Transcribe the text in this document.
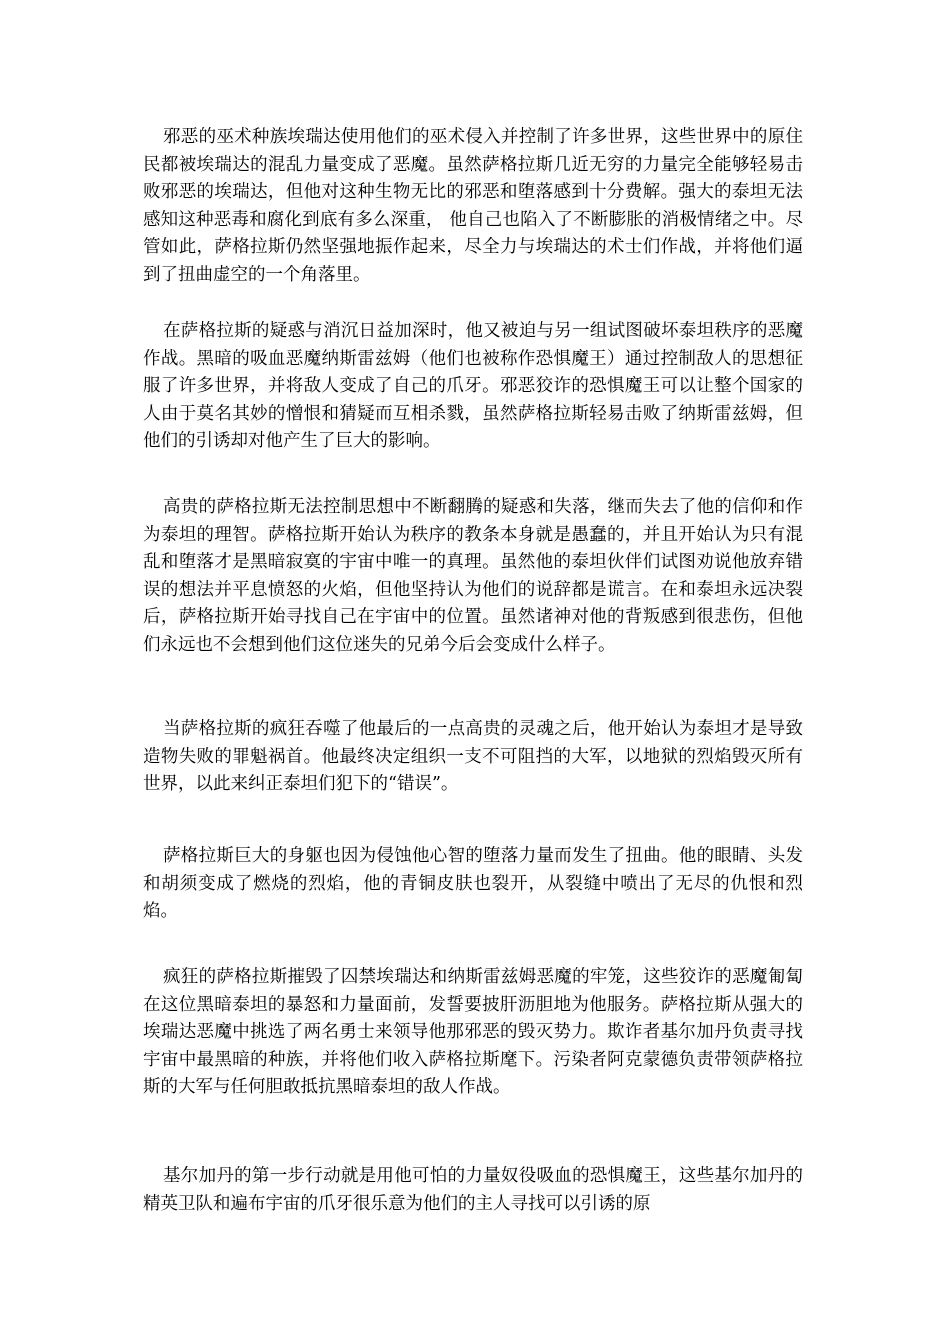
邪恶的巫术种族埃瑞达使用他们的巫术侵入并控制了许多世界，这些世界中的原住民都被埃瑞达的混乱力量变成了恶魔。虽然萨格拉斯几近无穷的力量完全能够轻易击败邪恶的埃瑞达，但他对这种生物无比的邪恶和堕落感到十分费解。强大的泰坦无法感知这种恶毒和腐化到底有多么深重， 他自己也陷入了不断膨胀的消极情绪之中。尽管如此，萨格拉斯仍然坚强地振作起来，尽全力与埃瑞达的术士们作战，并将他们逼到了扭曲虚空的一个角落里。

在萨格拉斯的疑惑与消沉日益加深时，他又被迫与另一组试图破坏泰坦秩序的恶魔作战。黑暗的吸血恶魔纳斯雷兹姆（他们也被称作恐惧魔王）通过控制敌人的思想征服了许多世界，并将敌人变成了自己的爪牙。邪恶狡诈的恐惧魔王可以让整个国家的人由于莫名其妙的憎恨和猜疑而互相杀戮，虽然萨格拉斯轻易击败了纳斯雷兹姆，但他们的引诱却对他产生了巨大的影响。

高贵的萨格拉斯无法控制思想中不断翻腾的疑惑和失落，继而失去了他的信仰和作为泰坦的理智。萨格拉斯开始认为秩序的教条本身就是愚蠢的，并且开始认为只有混乱和堕落才是黑暗寂寞的宇宙中唯一的真理。虽然他的泰坦伙伴们试图劝说他放弃错误的想法并平息愤怒的火焰，但他坚持认为他们的说辞都是谎言。在和泰坦永远决裂后，萨格拉斯开始寻找自己在宇宙中的位置。虽然诸神对他的背叛感到很悲伤，但他们永远也不会想到他们这位迷失的兄弟今后会变成什么样子。

当萨格拉斯的疯狂吞噬了他最后的一点高贵的灵魂之后，他开始认为泰坦才是导致造物失败的罪魁祸首。他最终决定组织一支不可阻挡的大军，以地狱的烈焰毁灭所有世界，以此来纠正泰坦们犯下的“错误”。

萨格拉斯巨大的身躯也因为侵蚀他心智的堕落力量而发生了扭曲。他的眼睛、头发和胡须变成了燃烧的烈焰，他的青铜皮肤也裂开，从裂缝中喷出了无尽的仇恨和烈焰。

疯狂的萨格拉斯摧毁了囚禁埃瑞达和纳斯雷兹姆恶魔的牢笼，这些狡诈的恶魔匍匐在这位黑暗泰坦的暴怒和力量面前，发誓要披肝沥胆地为他服务。萨格拉斯从强大的埃瑞达恶魔中挑选了两名勇士来领导他那邪恶的毁灭势力。欺诈者基尔加丹负责寻找宇宙中最黑暗的种族，并将他们收入萨格拉斯麾下。污染者阿克蒙德负责带领萨格拉斯的大军与任何胆敢抵抗黑暗泰坦的敌人作战。

基尔加丹的第一步行动就是用他可怕的力量奴役吸血的恐惧魔王，这些基尔加丹的精英卫队和遍布宇宙的爪牙很乐意为他们的主人寻找可以引诱的原
